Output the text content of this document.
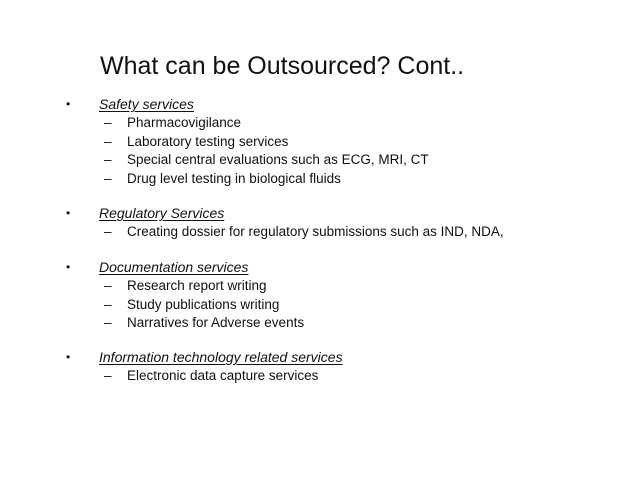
What can be Outsourced? Cont..
• Safety services
– Pharmacovigilance
– Laboratory testing services
– Special central evaluations such as ECG, MRI, CT
– Drug level testing in biological fluids
• Regulatory Services
– Creating dossier for regulatory submissions such as IND, NDA,
• Documentation services
– Research report writing
– Study publications writing
– Narratives for Adverse events
• Information technology related services
– Electronic data capture services
